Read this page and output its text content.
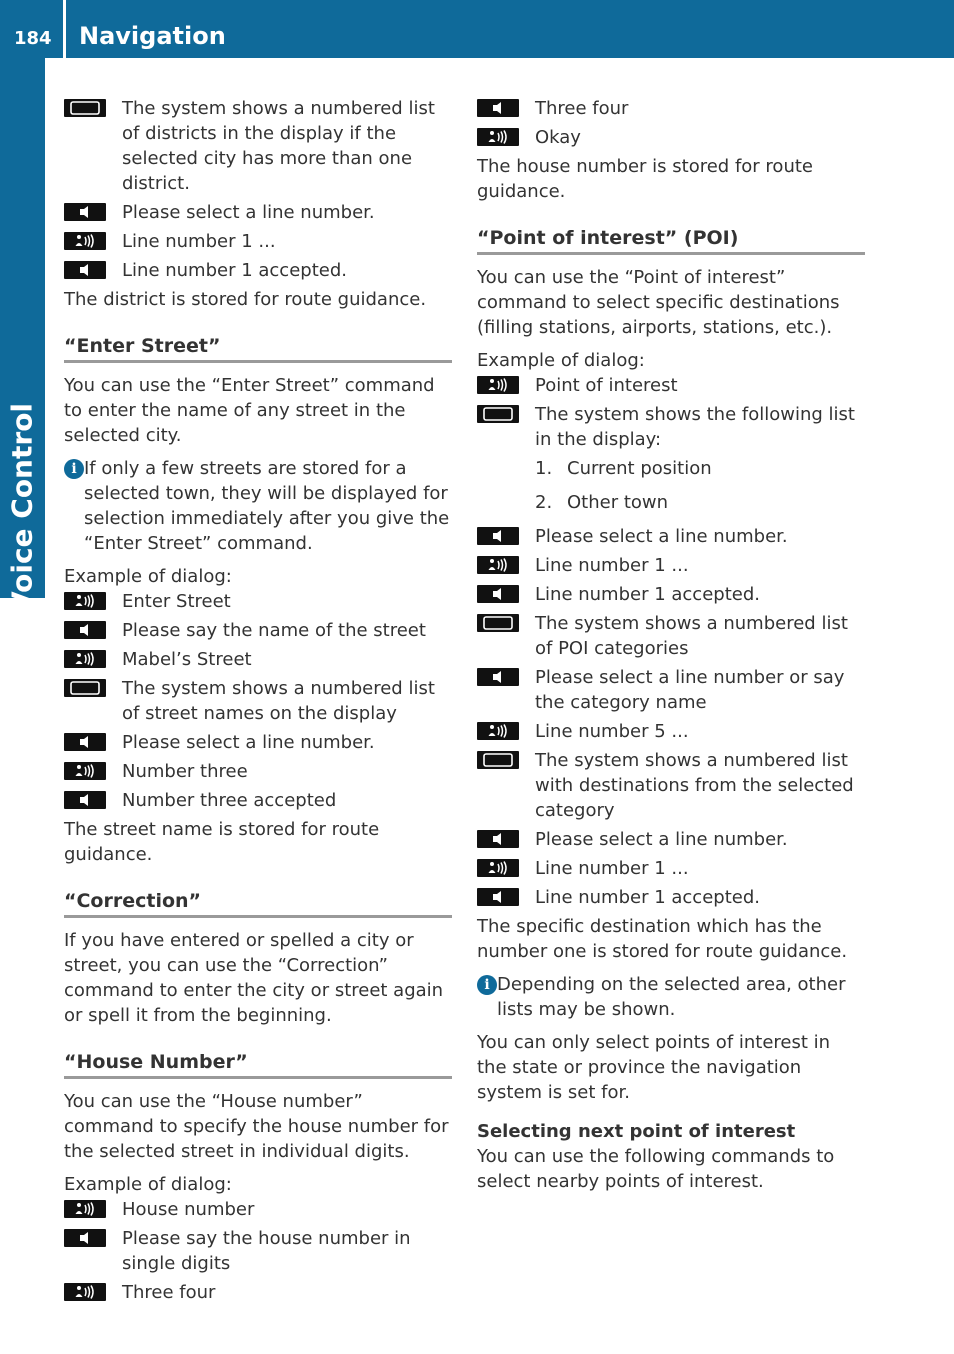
184 Navigation
Voice Control
The system shows a numbered list of districts in the display if the selected city has more than one district.
Please select a line number.
Line number 1 ...
Line number 1 accepted.

The district is stored for route guidance.

“Enter Street”

You can use the “Enter Street” command to enter the name of any street in the selected city.

i If only a few streets are stored for a selected town, they will be displayed for selection immediately after you give the “Enter Street” command.

Example of dialog:

Enter Street
Please say the name of the street
Mabel’s Street
The system shows a numbered list of street names on the display
Please select a line number.
Number three
Number three accepted

The street name is stored for route guidance.

“Correction”

If you have entered or spelled a city or street, you can use the “Correction” command to enter the city or street again or spell it from the beginning.

“House Number”

You can use the “House number” command to specify the house number for the selected street in individual digits.

Example of dialog:

House number
Please say the house number in single digits
Three four
Three four
Okay

The house number is stored for route guidance.

“Point of interest” (POI)

You can use the “Point of interest” command to select specific destinations (filling stations, airports, stations, etc.).

Example of dialog:

Point of interest
The system shows the following list in the display:
1. Current position
2. Other town
Please select a line number.
Line number 1 ...
Line number 1 accepted.
The system shows a numbered list of POI categories
Please select a line number or say the category name
Line number 5 ...
The system shows a numbered list with destinations from the selected category
Please select a line number.
Line number 1 ...
Line number 1 accepted.

The specific destination which has the number one is stored for route guidance.

i Depending on the selected area, other lists may be shown.

You can only select points of interest in the state or province the navigation system is set for.

Selecting next point of interest

You can use the following commands to select nearby points of interest.
